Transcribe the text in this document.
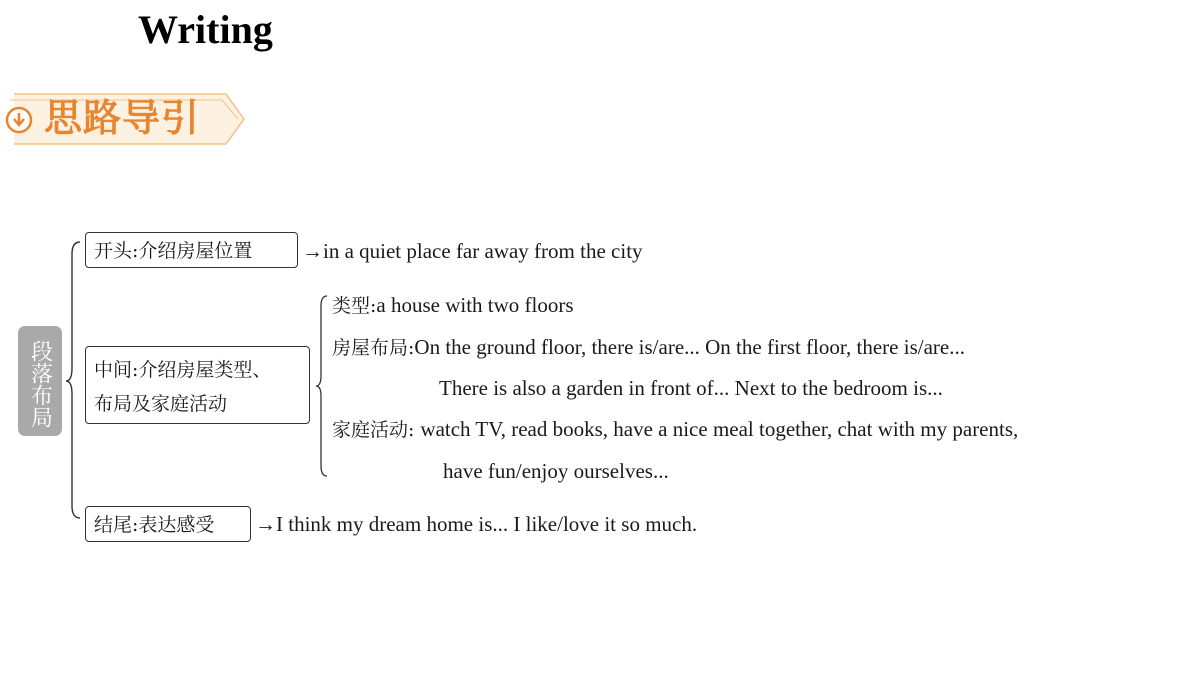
Writing
思路导引
段落布局
开头:介绍房屋位置	→in a quiet place far away from the city
中间:介绍房屋类型、
布局及家庭活动
类型:a house with two floors
房屋布局:On the ground floor, there is/are... On the first floor, there is/are...
There is also a garden in front of... Next to the bedroom is...
家庭活动: watch TV, read books, have a nice meal together, chat with my parents,
have fun/enjoy ourselves...
结尾:表达感受	→I think my dream home is... I like/love it so much.
